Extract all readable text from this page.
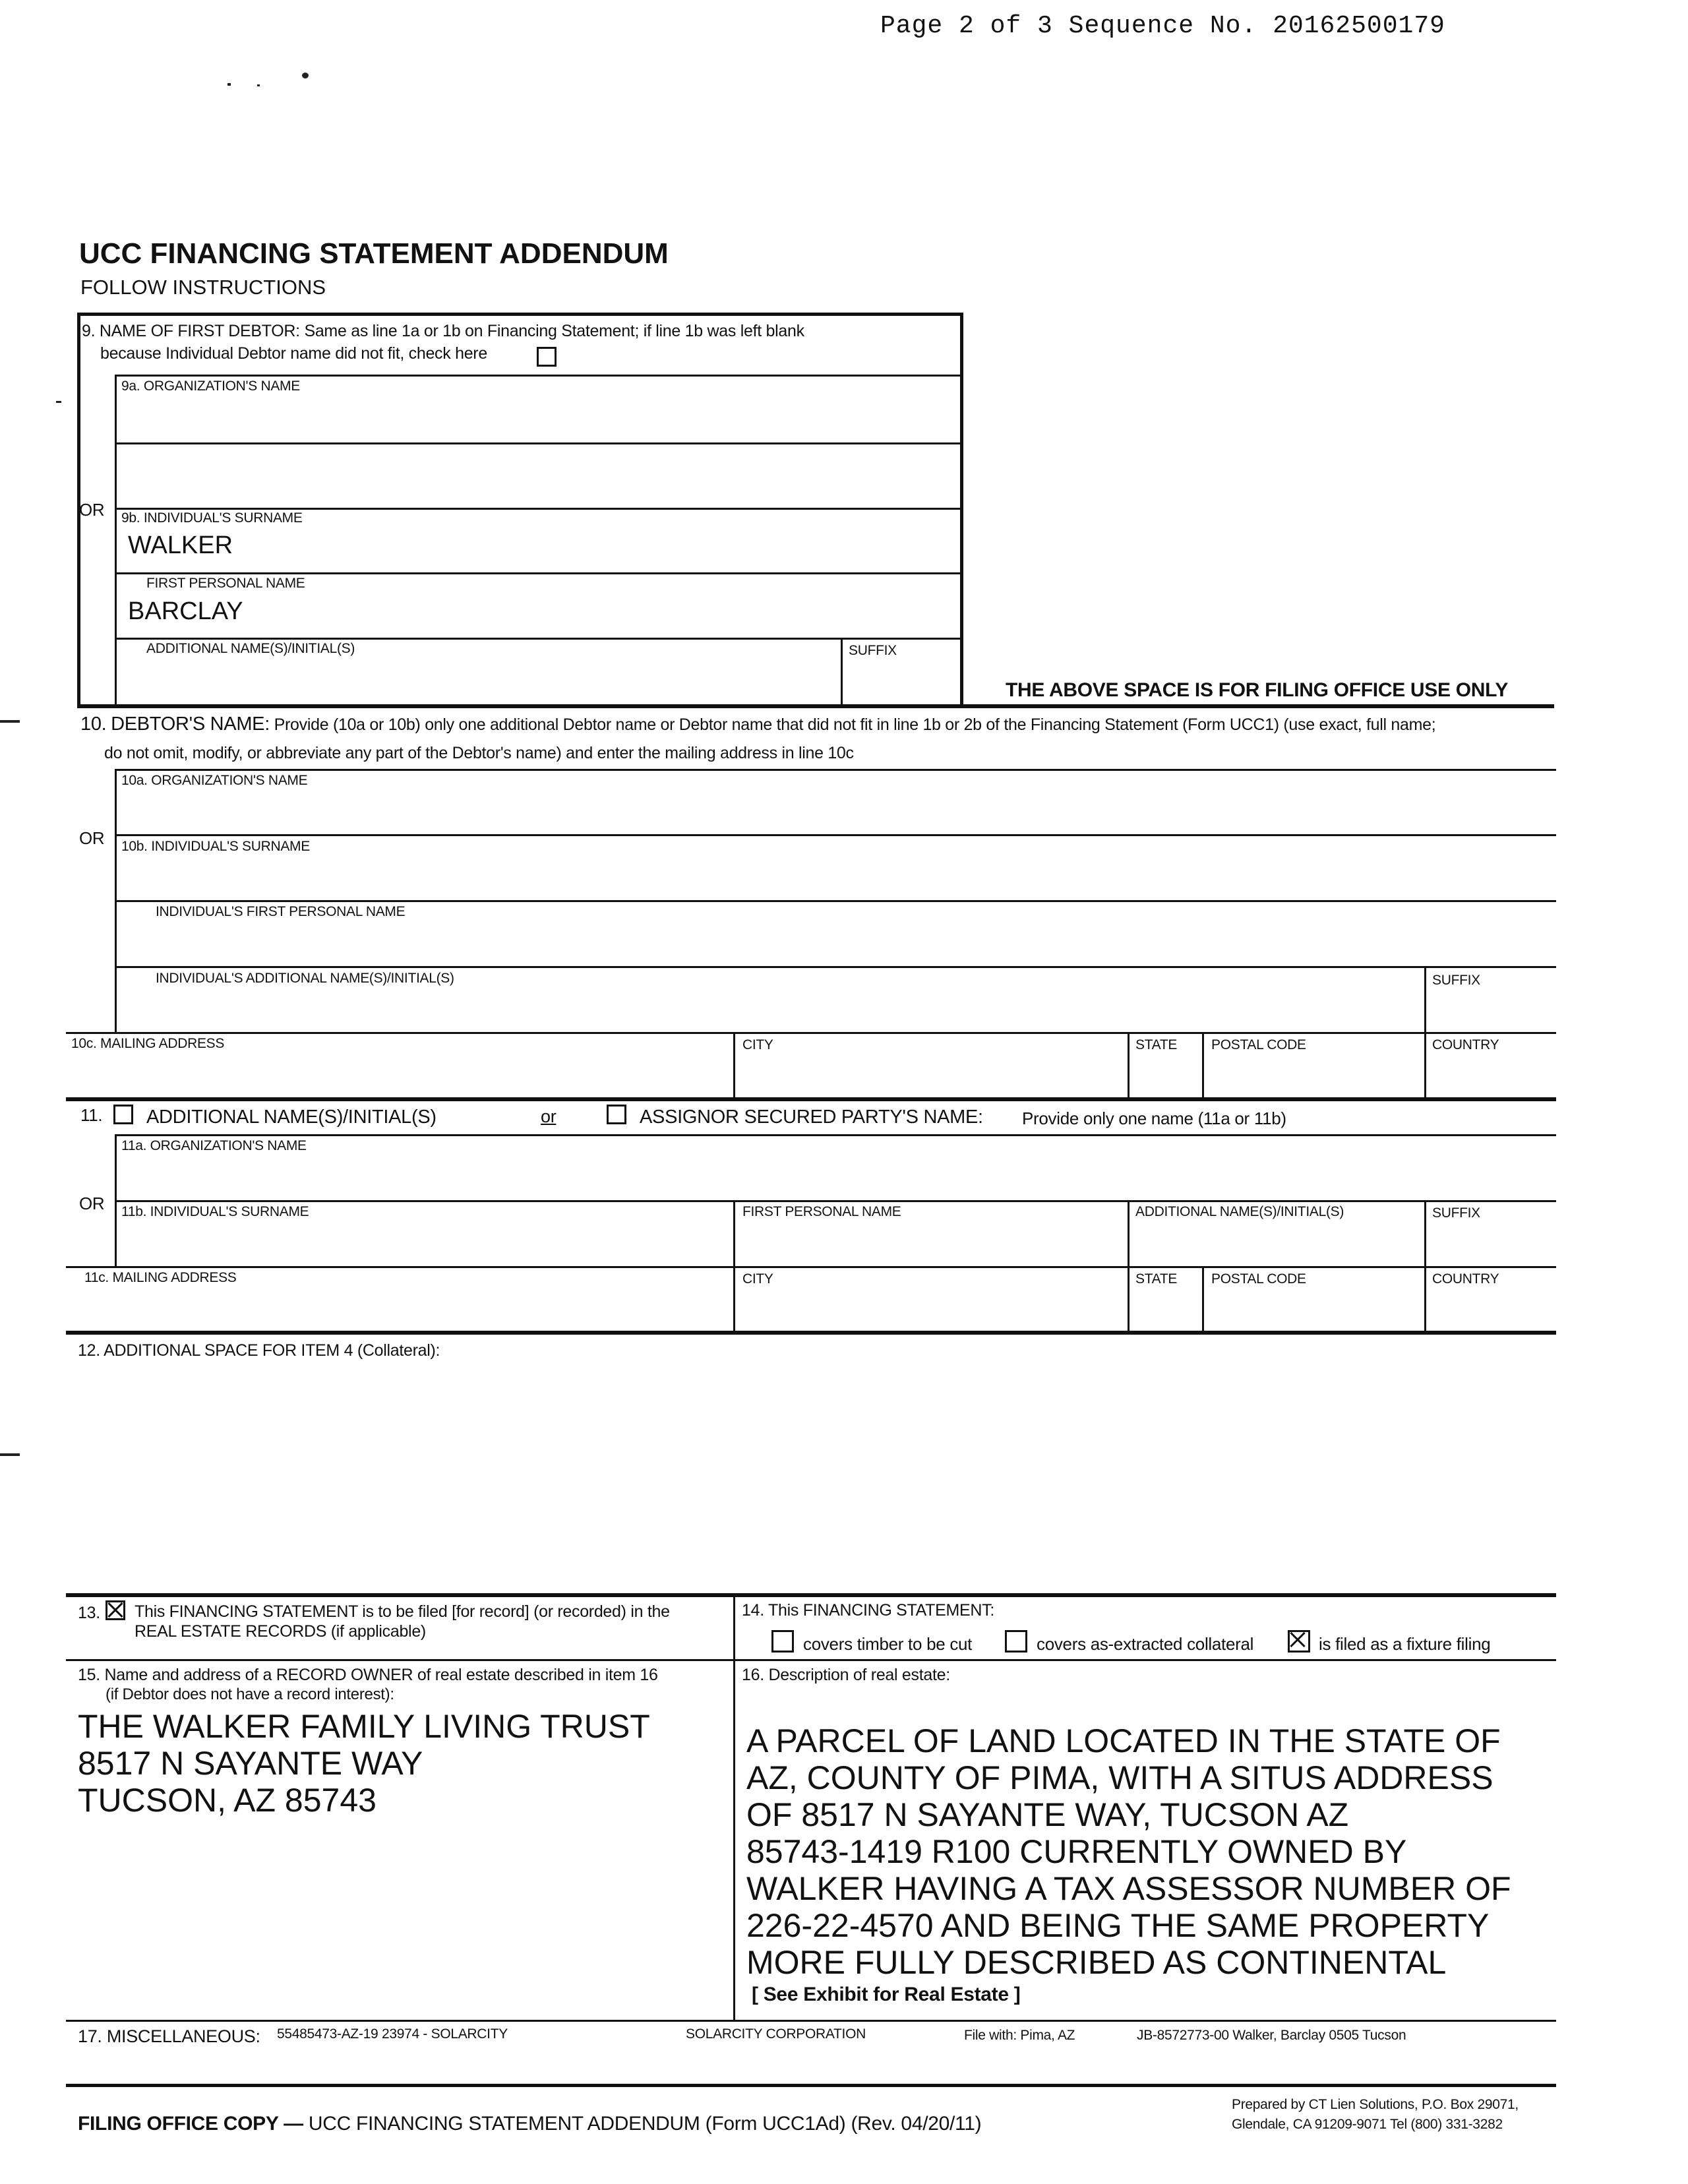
Page 2 of 3 Sequence No. 20162500179
UCC FINANCING STATEMENT ADDENDUM
FOLLOW INSTRUCTIONS
9. NAME OF FIRST DEBTOR: Same as line 1a or 1b on Financing Statement; if line 1b was left blank
because Individual Debtor name did not fit, check here
9a. ORGANIZATION'S NAME
OR 9b. INDIVIDUAL'S SURNAME
WALKER
FIRST PERSONAL NAME
BARCLAY
ADDITIONAL NAME(S)/INITIAL(S)	SUFFIX
THE ABOVE SPACE IS FOR FILING OFFICE USE ONLY
10. DEBTOR'S NAME: Provide (10a or 10b) only one additional Debtor name or Debtor name that did not fit in line 1b or 2b of the Financing Statement (Form UCC1) (use exact, full name;
do not omit, modify, or abbreviate any part of the Debtor's name) and enter the mailing address in line 10c
10a. ORGANIZATION'S NAME
OR 10b. INDIVIDUAL'S SURNAME
INDIVIDUAL'S FIRST PERSONAL NAME
INDIVIDUAL'S ADDITIONAL NAME(S)/INITIAL(S)	SUFFIX
10c. MAILING ADDRESS	CITY	STATE POSTAL CODE	COUNTRY
11. ADDITIONAL NAME(S)/INITIAL(S)	or	ASSIGNOR SECURED PARTY'S NAME: Provide only one name (11a or 11b)
11a. ORGANIZATION'S NAME
OR 11b. INDIVIDUAL'S SURNAME	FIRST PERSONAL NAME	ADDITIONAL NAME(S)/INITIAL(S)	SUFFIX
11c. MAILING ADDRESS	CITY	STATE POSTAL CODE	COUNTRY
12. ADDITIONAL SPACE FOR ITEM 4 (Collateral):
13. This FINANCING STATEMENT is to be filed [for record] (or recorded) in the
REAL ESTATE RECORDS (if applicable)
14. This FINANCING STATEMENT:
covers timber to be cut	covers as-extracted collateral	is filed as a fixture filing
15. Name and address of a RECORD OWNER of real estate described in item 16
(if Debtor does not have a record interest):
THE WALKER FAMILY LIVING TRUST
8517 N SAYANTE WAY
TUCSON, AZ 85743
16. Description of real estate:
A PARCEL OF LAND LOCATED IN THE STATE OF
AZ, COUNTY OF PIMA, WITH A SITUS ADDRESS
OF 8517 N SAYANTE WAY, TUCSON AZ
85743-1419 R100 CURRENTLY OWNED BY
WALKER HAVING A TAX ASSESSOR NUMBER OF
226-22-4570 AND BEING THE SAME PROPERTY
MORE FULLY DESCRIBED AS CONTINENTAL
[ See Exhibit for Real Estate ]
17. MISCELLANEOUS: 55485473-AZ-19 23974 - SOLARCITY	SOLARCITY CORPORATION	File with: Pima, AZ	JB-8572773-00 Walker, Barclay 0505 Tucson
FILING OFFICE COPY — UCC FINANCING STATEMENT ADDENDUM (Form UCC1Ad) (Rev. 04/20/11)
Prepared by CT Lien Solutions, P.O. Box 29071,
Glendale, CA 91209-9071 Tel (800) 331-3282
